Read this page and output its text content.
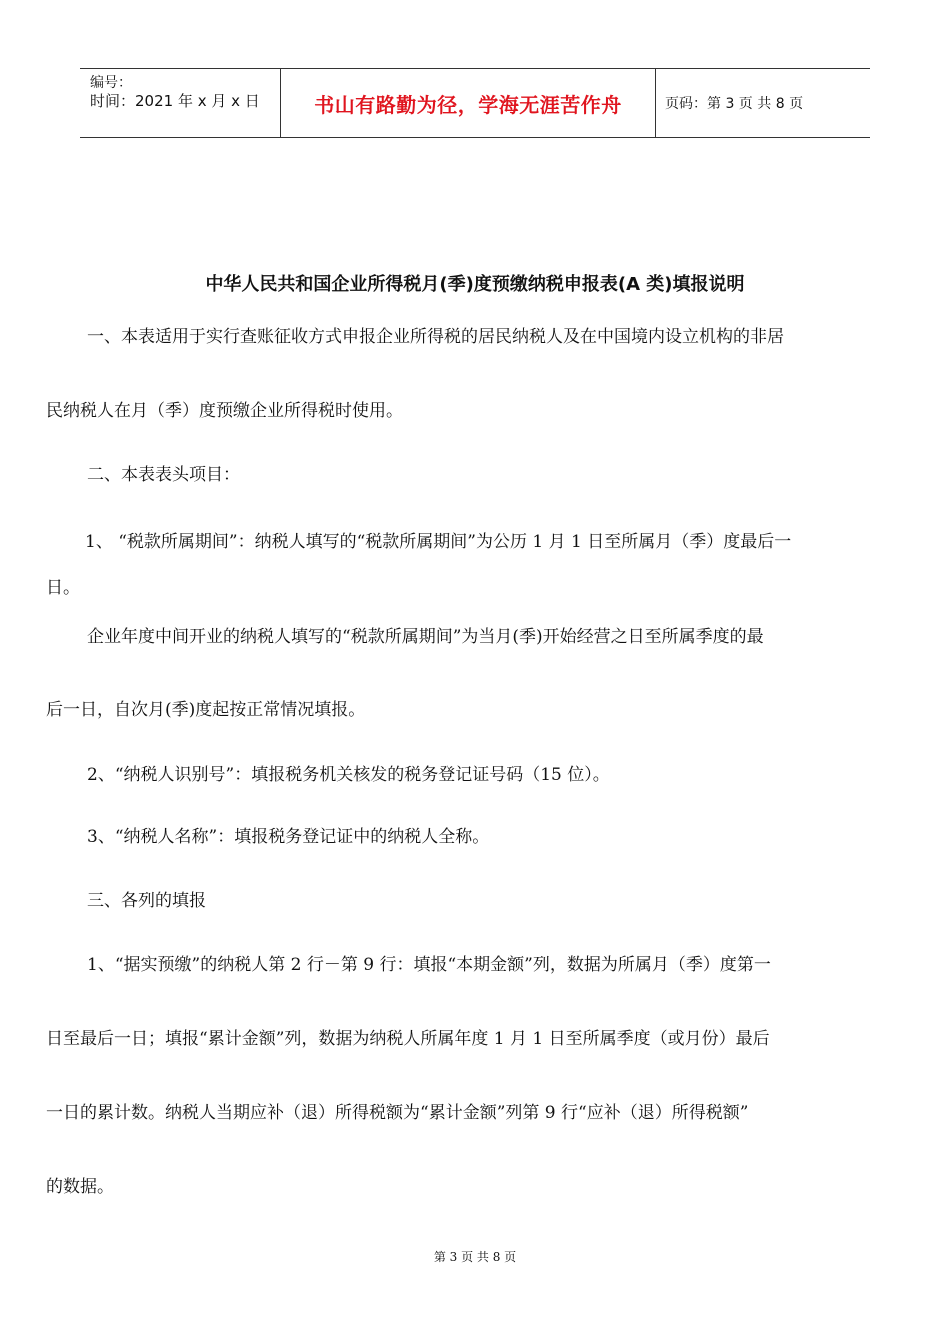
编号：
时间：2021 年 x 月 x 日	书山有路勤为径，学海无涯苦作舟	页码：第 3 页 共 8 页
中华人民共和国企业所得税月(季)度预缴纳税申报表(A 类)填报说明
一、本表适用于实行查账征收方式申报企业所得税的居民纳税人及在中国境内设立机构的非居
民纳税人在月（季）度预缴企业所得税时使用。
二、本表表头项目：
1、 “税款所属期间”：纳税人填写的“税款所属期间”为公历 1 月 1 日至所属月（季）度最后一
日。
企业年度中间开业的纳税人填写的“税款所属期间”为当月(季)开始经营之日至所属季度的最
后一日，自次月(季)度起按正常情况填报。
2、“纳税人识别号”：填报税务机关核发的税务登记证号码（15 位）。
3、“纳税人名称”：填报税务登记证中的纳税人全称。
三、各列的填报
1、“据实预缴”的纳税人第 2 行－第 9 行：填报“本期金额”列，数据为所属月（季）度第一
日至最后一日；填报“累计金额”列，数据为纳税人所属年度 1 月 1 日至所属季度（或月份）最后
一日的累计数。纳税人当期应补（退）所得税额为“累计金额”列第 9 行“应补（退）所得税额”
的数据。
第 3 页 共 8 页
